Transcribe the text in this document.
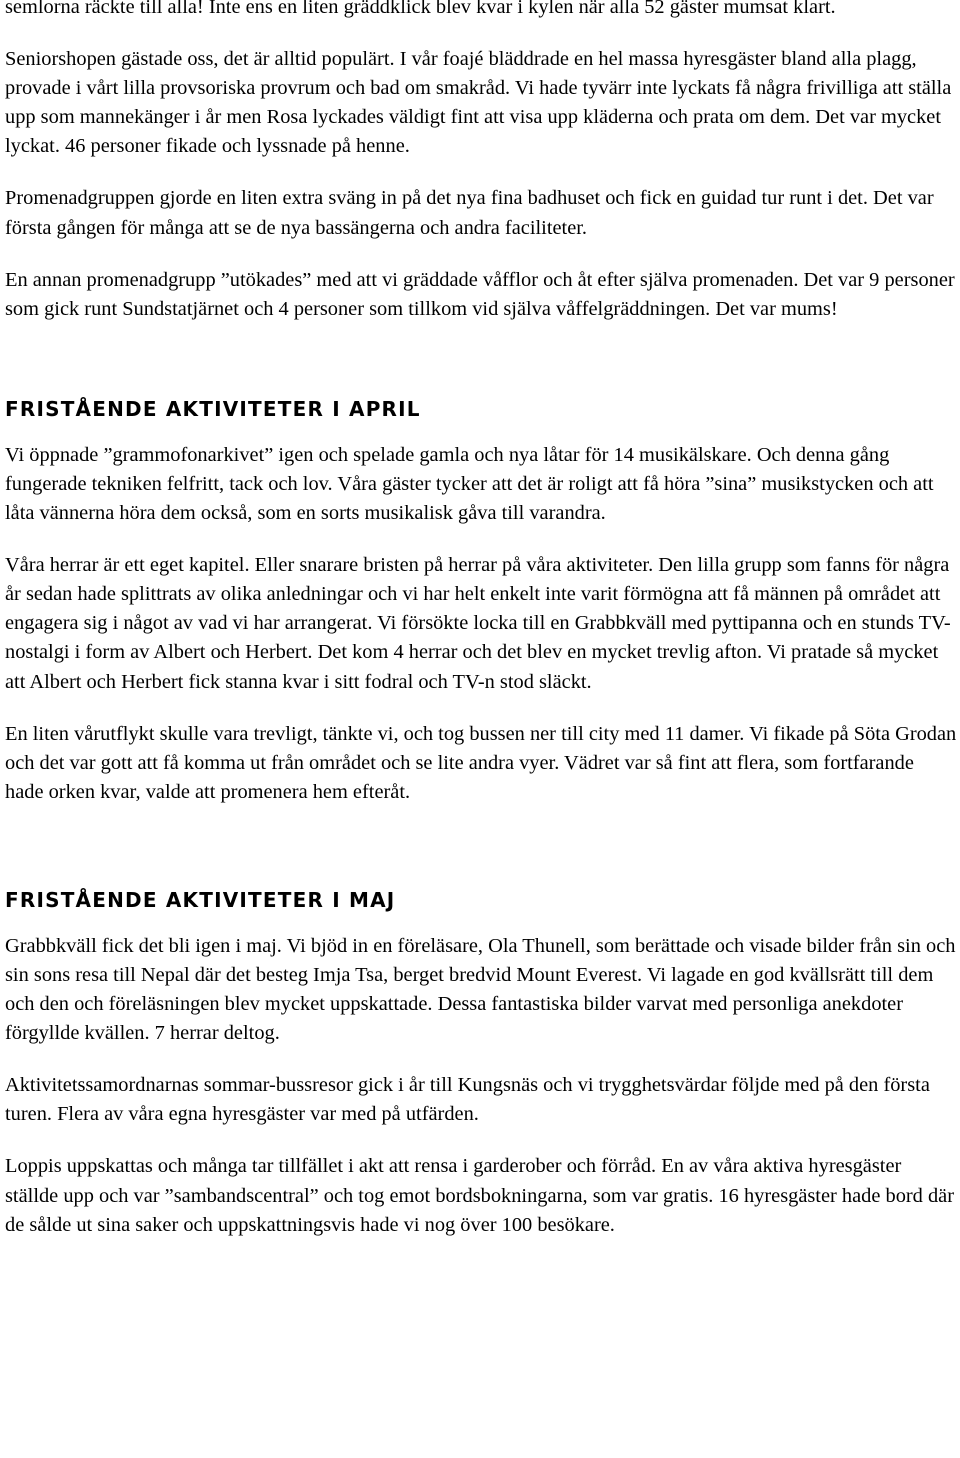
semlorna räckte till alla! Inte ens en liten gräddklick blev kvar i kylen när alla 52 gäster mumsat klart.

Seniorshopen gästade oss, det är alltid populärt. I vår foajé bläddrade en hel massa hyresgäster bland alla plagg, provade i vårt lilla provsoriska provrum och bad om smakråd. Vi hade tyvärr inte lyckats få några frivilliga att ställa upp som mannekänger i år men Rosa lyckades väldigt fint att visa upp kläderna och prata om dem. Det var mycket lyckat. 46 personer fikade och lyssnade på henne.

Promenadgruppen gjorde en liten extra sväng in på det nya fina badhuset och fick en guidad tur runt i det. Det var första gången för många att se de nya bassängerna och andra faciliteter.

En annan promenadgrupp ”utökades” med att vi gräddade våfflor och åt efter själva promenaden. Det var 9 personer som gick runt Sundstatjärnet och 4 personer som tillkom vid själva våffelgräddningen. Det var mums!

FRISTÅENDE AKTIVITETER I APRIL

Vi öppnade ”grammofonarkivet” igen och spelade gamla och nya låtar för 14 musikälskare. Och denna gång fungerade tekniken felfritt, tack och lov. Våra gäster tycker att det är roligt att få höra ”sina” musikstycken och att låta vännerna höra dem också, som en sorts musikalisk gåva till varandra.

Våra herrar är ett eget kapitel. Eller snarare bristen på herrar på våra aktiviteter. Den lilla grupp som fanns för några år sedan hade splittrats av olika anledningar och vi har helt enkelt inte varit förmögna att få männen på området att engagera sig i något av vad vi har arrangerat. Vi försökte locka till en Grabbkväll med pyttipanna och en stunds TV-nostalgi i form av Albert och Herbert. Det kom 4 herrar och det blev en mycket trevlig afton. Vi pratade så mycket att Albert och Herbert fick stanna kvar i sitt fodral och TV-n stod släckt.

En liten vårutflykt skulle vara trevligt, tänkte vi, och tog bussen ner till city med 11 damer. Vi fikade på Söta Grodan och det var gott att få komma ut från området och se lite andra vyer. Vädret var så fint att flera, som fortfarande hade orken kvar, valde att promenera hem efteråt.

FRISTÅENDE AKTIVITETER I MAJ

Grabbkväll fick det bli igen i maj. Vi bjöd in en föreläsare, Ola Thunell, som berättade och visade bilder från sin och sin sons resa till Nepal där det besteg Imja Tsa, berget bredvid Mount Everest. Vi lagade en god kvällsrätt till dem och den och föreläsningen blev mycket uppskattade. Dessa fantastiska bilder varvat med personliga anekdoter förgyllde kvällen. 7 herrar deltog.

Aktivitetssamordnarnas sommar-bussresor gick i år till Kungsnäs och vi trygghetsvärdar följde med på den första turen. Flera av våra egna hyresgäster var med på utfärden.

Loppis uppskattas och många tar tillfället i akt att rensa i garderober och förråd. En av våra aktiva hyresgäster ställde upp och var ”sambandscentral” och tog emot bordsbokningarna, som var gratis. 16 hyresgäster hade bord där de sålde ut sina saker och uppskattningsvis hade vi nog över 100 besökare.
